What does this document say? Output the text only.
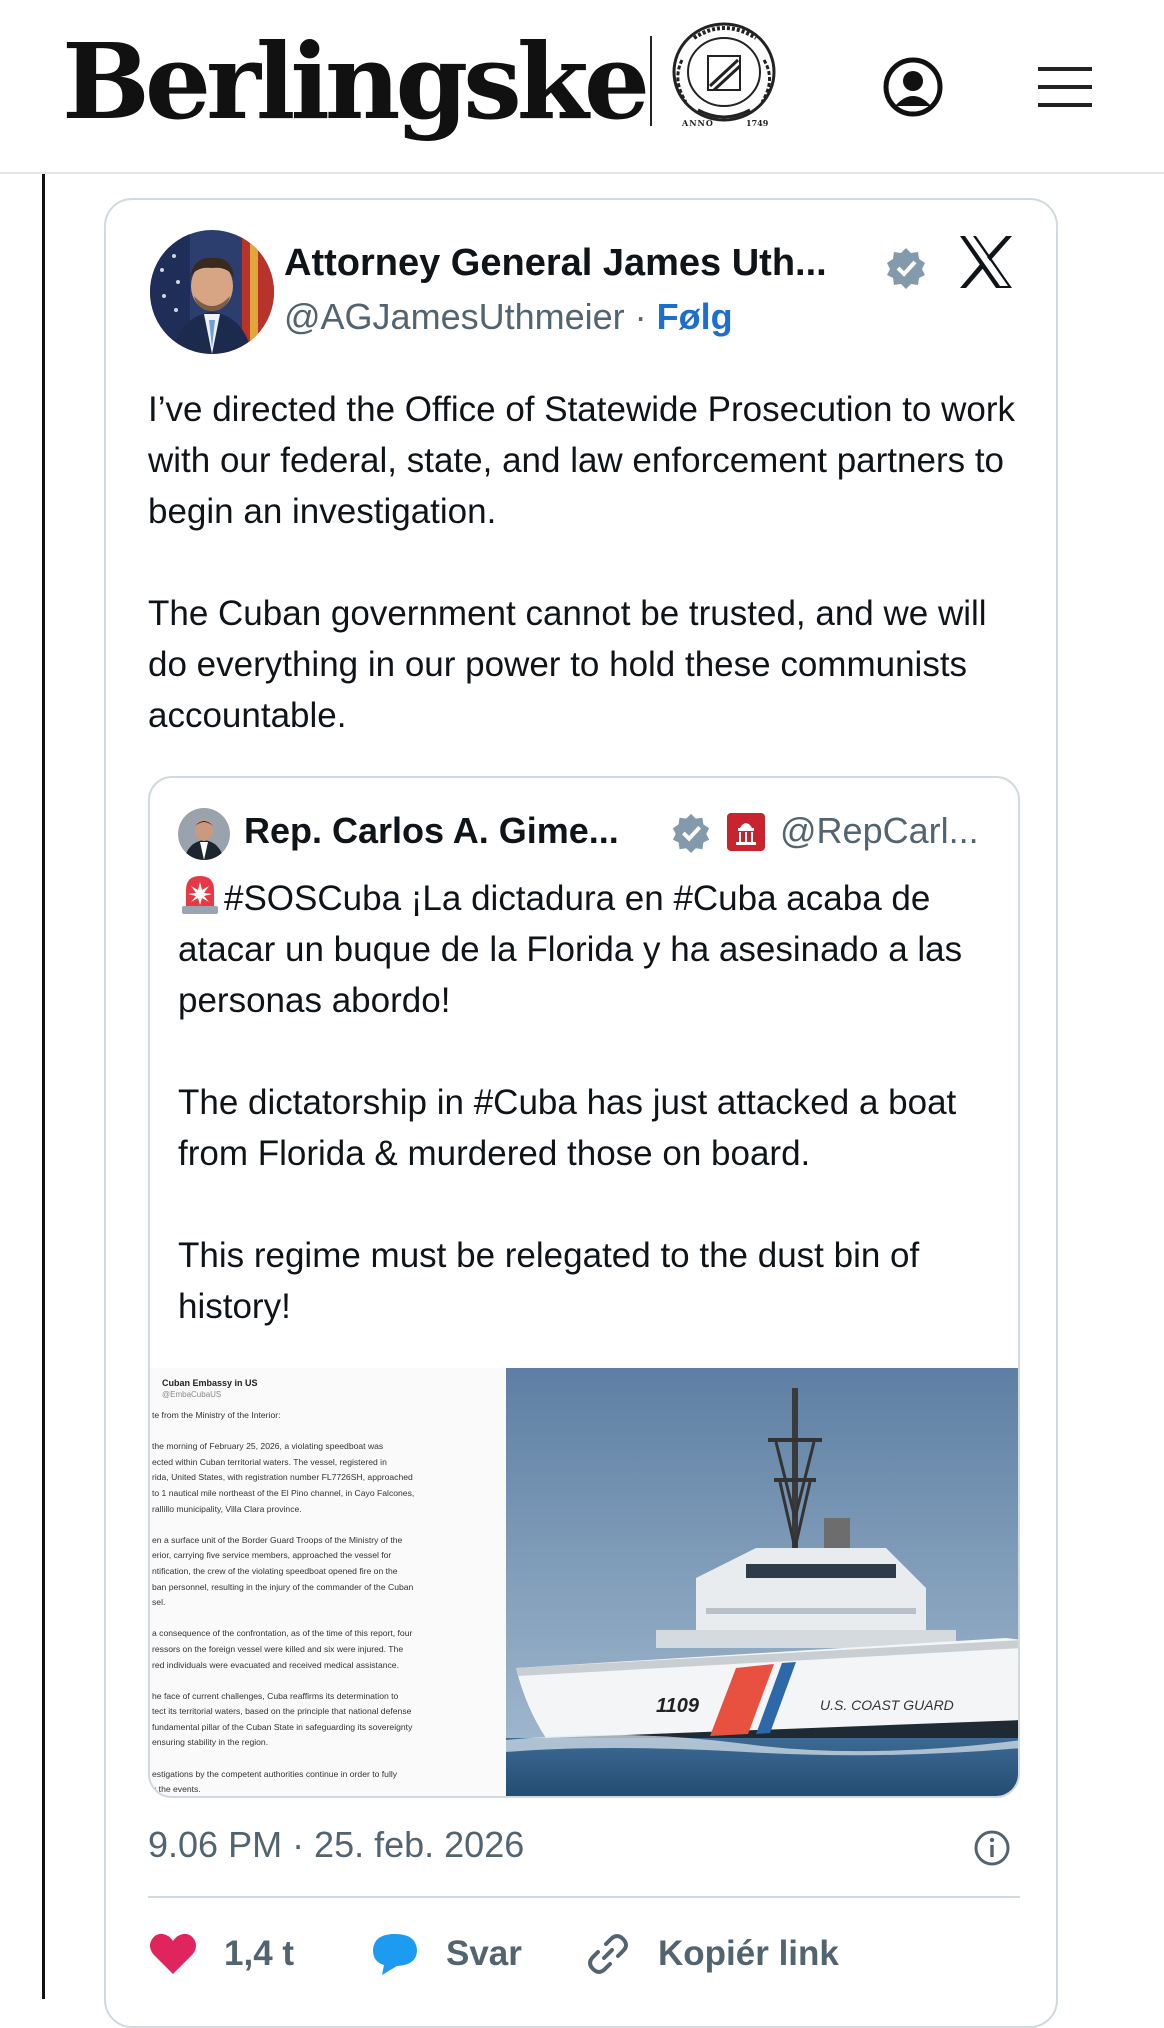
Berlingske	ANNO	1749
Attorney General James Uth...
@AGJamesUthmeier · Følg
I’ve directed the Office of Statewide Prosecution to work with our federal, state, and law enforcement partners to begin an investigation.

The Cuban government cannot be trusted, and we will do everything in our power to hold these communists accountable.
Rep. Carlos A. Gime...	@RepCarl...
#SOSCuba ¡La dictadura en #Cuba acaba de atacar un buque de la Florida y ha asesinado a las personas abordo!

The dictatorship in #Cuba has just attacked a boat from Florida & murdered those on board.

This regime must be relegated to the dust bin of history!
Cuban Embassy in US
@EmbaCubaUS
te from the Ministry of the Interior:

the morning of February 25, 2026, a violating speedboat was
ected within Cuban territorial waters. The vessel, registered in
rida, United States, with registration number FL7726SH, approached
to 1 nautical mile northeast of the El Pino channel, in Cayo Falcones,
rallillo municipality, Villa Clara province.

en a surface unit of the Border Guard Troops of the Ministry of the
erior, carrying five service members, approached the vessel for
ntification, the crew of the violating speedboat opened fire on the
ban personnel, resulting in the injury of the commander of the Cuban
sel.

a consequence of the confrontation, as of the time of this report, four
ressors on the foreign vessel were killed and six were injured. The
red individuals were evacuated and received medical assistance.

he face of current challenges, Cuba reaffirms its determination to
tect its territorial waters, based on the principle that national defense
fundamental pillar of the Cuban State in safeguarding its sovereignty
ensuring stability in the region.

estigations by the competent authorities continue in order to fully
y the events.
1109	U.S. COAST GUARD
9.06 PM · 25. feb. 2026
1,4 t	Svar	Kopiér link
